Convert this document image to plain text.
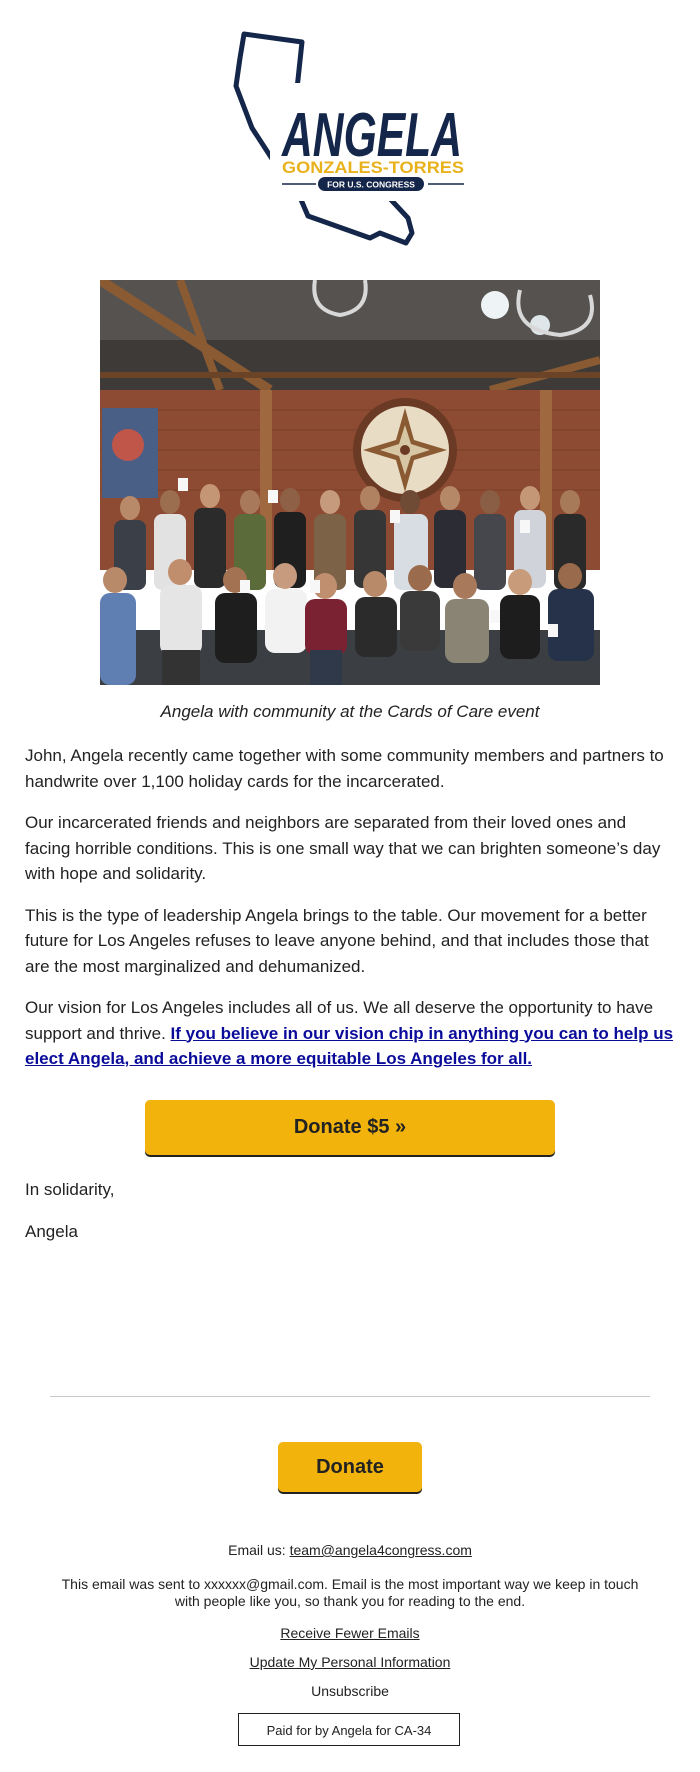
ANGELA
GONZALES-TORRES
FOR U.S. CONGRESS
Angela with community at the Cards of Care event

John, Angela recently came together with some community members and partners to handwrite over 1,100 holiday cards for the incarcerated.

Our incarcerated friends and neighbors are separated from their loved ones and facing horrible conditions. This is one small way that we can brighten someone’s day with hope and solidarity.

This is the type of leadership Angela brings to the table. Our movement for a better future for Los Angeles refuses to leave anyone behind, and that includes those that are the most marginalized and dehumanized.

Our vision for Los Angeles includes all of us. We all deserve the opportunity to have support and thrive. If you believe in our vision chip in anything you can to help us elect Angela, and achieve a more equitable Los Angeles for all.

Donate $5 »
In solidarity,
Angela
Donate
Email us: team@angela4congress.com
This email was sent to xxxxxx@gmail.com. Email is the most important way we keep in touch with people like you, so thank you for reading to the end.
Receive Fewer Emails
Update My Personal Information
Unsubscribe
Paid for by Angela for CA-34
